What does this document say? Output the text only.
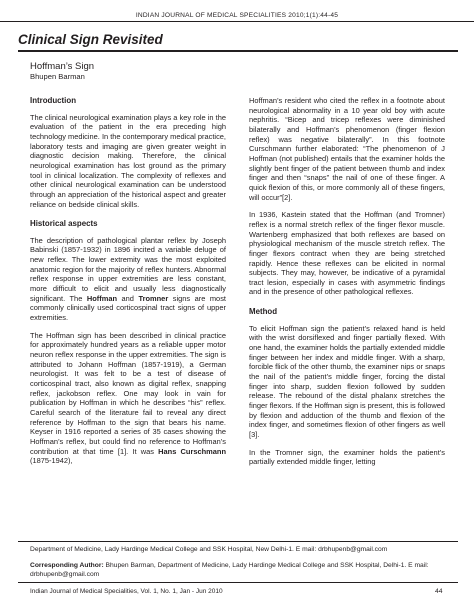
INDIAN JOURNAL OF MEDICAL SPECIALITIES 2010;1(1):44-45
Clinical Sign Revisited
Hoffman’s Sign
Bhupen Barman
Introduction

The clinical neurological examination plays a key role in the evaluation of the patient in the era preceding high technology medicine. In the contemporary medical practice, laboratory tests and imaging are given greater weight in diagnostic decision making. Therefore, the clinical neurological examination has lost ground as the primary tool in clinical localization. The complexity of reflexes and other clinical neurological examination can be understood through an appreciation of the historical aspect and greater reliance on bedside clinical skills.

Historical aspects

The description of pathological plantar reflex by Joseph Babinski (1857-1932) in 1896 incited a variable deluge of new reflex. The lower extremity was the most exploited anatomic region for the majority of reflex hunters. Abnormal reflex response in upper extremities are less constant, more difficult to elicit and usually less diagnostically significant. The Hoffman and Tromner signs are most commonly clinically used corticospinal tract signs of upper extremities.

The Hoffman sign has been described in clinical practice for approximately hundred years as a reliable upper motor neuron reflex response in the upper extremities. The sign is attributed to Johann Hoffman (1857-1919), a German neurologist. It was felt to be a test of disease of corticospinal tract, also known as digital reflex, snapping reflex, jackobson reflex. One may look in vain for publication by Hoffman in which he describes “his” reflex. Careful search of the literature fail to reveal any direct reference by Hoffman to the sign that bears his name. Keyser in 1916 reported a series of 35 cases showing the Hoffman’s reflex, but could find no reference to Hoffman’s contribution at that time [1]. It was Hans Curschmann (1875-1942),

Hoffman’s resident who cited the reflex in a footnote about neurological abnormality in a 10 year old boy with acute nephritis. “Bicep and tricep reflexes were diminished bilaterally and Hoffman’s phenomenon (finger flexion reflex) was negative bilaterally”. In this footnote Curschmann further elaborated: “The phenomenon of J Hoffman (not published) entails that the examiner holds the slightly bent finger of the patient between thumb and index finger and then “snaps” the nail of one of these finger. A quick flexion of this, or more commonly all of these fingers, will occur”[2].

In 1936, Kastein stated that the Hoffman (and Tromner) reflex is a normal stretch reflex of the finger flexor muscle. Wartenberg emphasized that both reflexes are based on physiological mechanism of the muscle stretch reflex. The finger flexors contract when they are being stretched rapidly. Hence these reflexes can be elicited in normal subjects. They may, however, be indicative of a pyramidal tract lesion, especially in cases with asymmetric findings and in the presence of other pathological reflexes.

Method

To elicit Hoffman sign the patient’s relaxed hand is held with the wrist dorsiflexed and finger partially flexed. With one hand, the examiner holds the partially extended middle finger between her index and middle finger. With a sharp, forcible flick of the other thumb, the examiner nips or snaps the nail of the patient’s middle finger, forcing the distal finger into sharp, sudden flexion followed by sudden release. The rebound of the distal phalanx stretches the finger flexors. If the Hoffman sign is present, this is followed by flexion and adduction of the thumb and flexion of the index finger, and sometimes flexion of other fingers as well [3].

In the Tromner sign, the examiner holds the patient’s partially extended middle finger, letting

Department of Medicine, Lady Hardinge Medical College and SSK Hospital, New Delhi-1. E mail: drbhupenb@gmail.com
Corresponding Author: Bhupen Barman, Department of Medicine, Lady Hardinge Medical College and SSK Hospital, Delhi-1. E mail: drbhupenb@gmail.com
Indian Journal of Medical Specialities, Vol. 1, No. 1, Jan - Jun 2010	44
